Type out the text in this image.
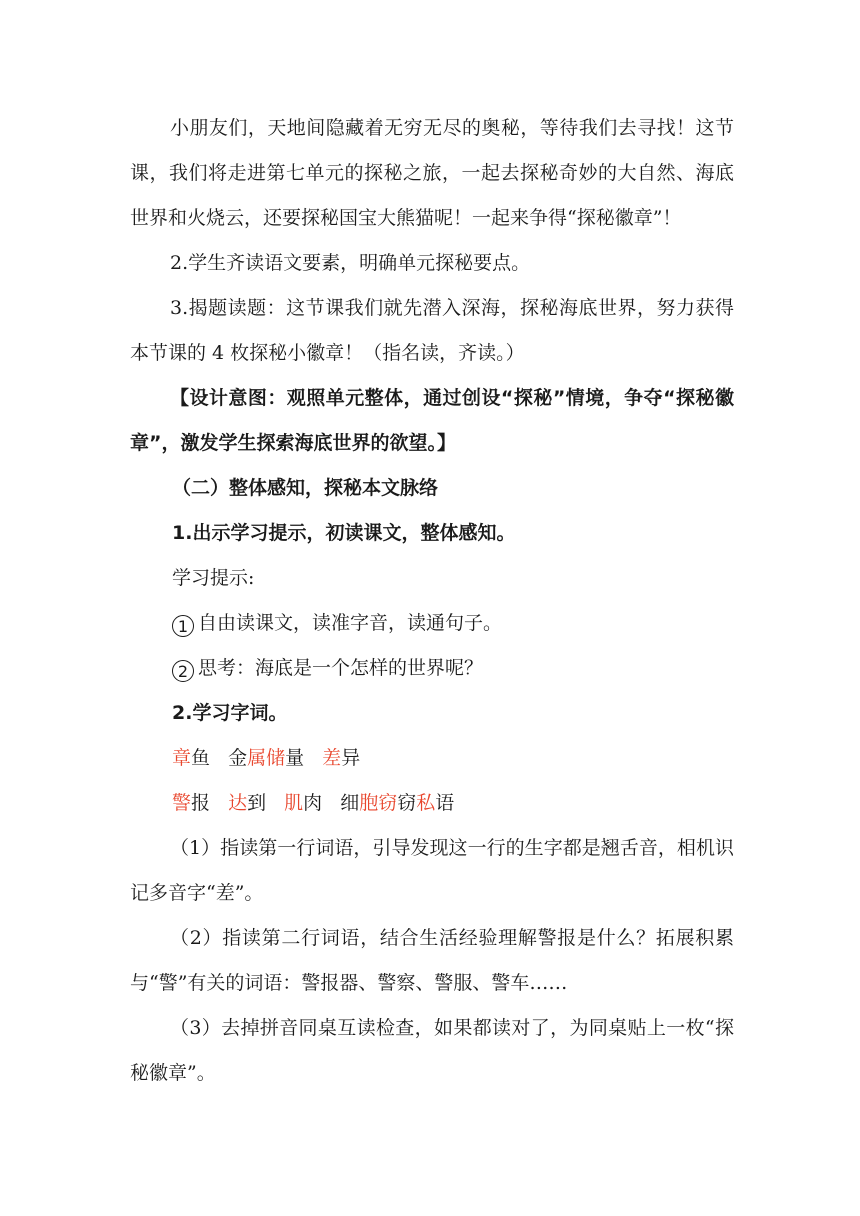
小朋友们，天地间隐藏着无穷无尽的奥秘，等待我们去寻找！这节课，我们将走进第七单元的探秘之旅，一起去探秘奇妙的大自然、海底世界和火烧云，还要探秘国宝大熊猫呢！一起来争得“探秘徽章”！

2.学生齐读语文要素，明确单元探秘要点。

3.揭题读题：这节课我们就先潜入深海，探秘海底世界，努力获得本节课的 4 枚探秘小徽章！（指名读，齐读。）

【设计意图：观照单元整体，通过创设“探秘”情境，争夺“探秘徽章”，激发学生探索海底世界的欲望。】

（二）整体感知，探秘本文脉络

1.出示学习提示，初读课文，整体感知。

学习提示:

1 自由读课文，读准字音，读通句子。

2 思考：海底是一个怎样的世界呢？

2.学习字词。

章鱼 金属储量 差异

警报 达到 肌肉 细胞窃窃私语

（1）指读第一行词语，引导发现这一行的生字都是翘舌音，相机识记多音字“差”。

（2）指读第二行词语，结合生活经验理解警报是什么？拓展积累与“警”有关的词语：警报器、警察、警服、警车……

（3）去掉拼音同桌互读检查，如果都读对了，为同桌贴上一枚“探秘徽章”。
